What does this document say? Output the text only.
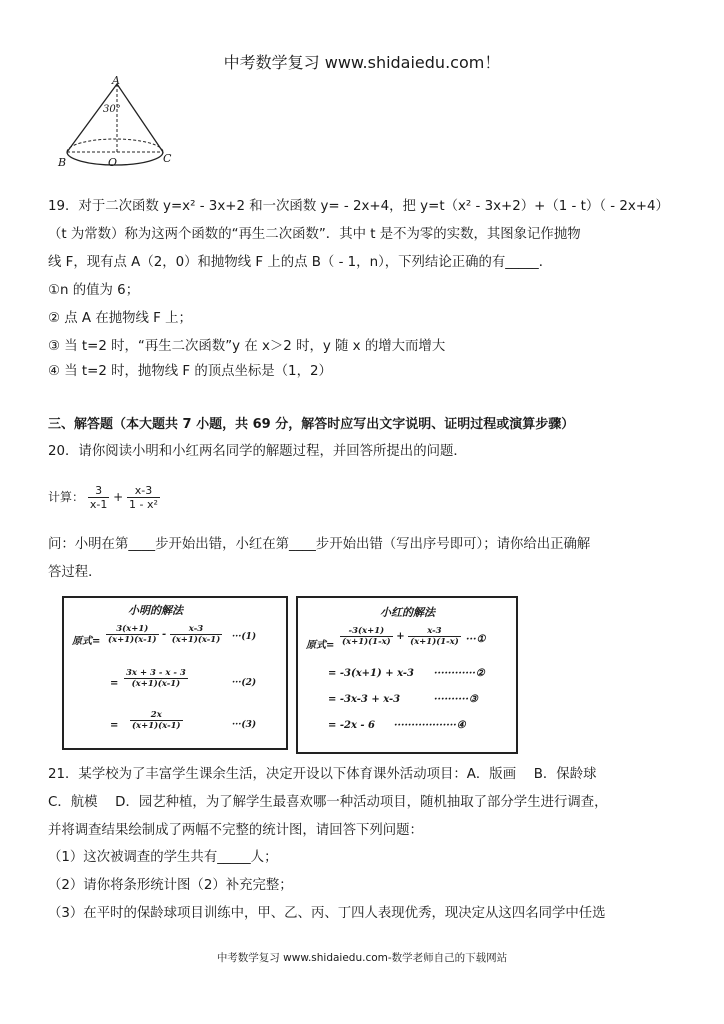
中考数学复习 www.shidaiedu.com！
A
30°
B	O	C
19．对于二次函数 y=x² ‑ 3x+2 和一次函数 y= ‑ 2x+4，把 y=t（x² ‑ 3x+2）+（1 ‑ t）（ ‑ 2x+4）
（t 为常数）称为这两个函数的“再生二次函数”．其中 t 是不为零的实数，其图象记作抛物
线 F，现有点 A（2，0）和抛物线 F 上的点 B（ ‑ 1，n），下列结论正确的有_____．
①n 的值为 6；
② 点 A 在抛物线 F 上；
③ 当 t=2 时，“再生二次函数”y 在 x＞2 时，y 随 x 的增大而增大
④ 当 t=2 时，抛物线 F 的顶点坐标是（1，2）
三、解答题（本大题共 7 小题，共 69 分，解答时应写出文字说明、证明过程或演算步骤）
20．请你阅读小明和小红两名同学的解题过程，并回答所提出的问题．
计算： $\frac{3}{x-1} + \frac{x-3}{\text{1 - x²}}$
问：小明在第____步开始出错，小红在第____步开始出错（写出序号即可）；请你给出正确解
答过程．
小明的解法
原式= $\frac{3(x+1)}{(x+1)(x-1)} - \frac{x-3}{(x+1)(x-1)} \cdot\cdot\cdot(1)$
= $\frac{3x + 3 - x - 3}{(x+1)(x-1)}$	···(2)
= $\frac{2x}{(x+1)(x-1)}$	···(3)
小红的解法
原式= $\frac{-3(x+1)}{(x+1)(1-x)} + \frac{x-3}{(x+1)(1-x)}$ ···①
= -3(x+1) + x-3 ············②
= -3x-3 + x-3	··········③
= -2x - 6 ··················④
21．某学校为了丰富学生课余生活，决定开设以下体育课外活动项目：A．版画　 B．保龄球
C．航模　 D．园艺种植，为了解学生最喜欢哪一种活动项目，随机抽取了部分学生进行调查，
并将调查结果绘制成了两幅不完整的统计图，请回答下列问题：
（1）这次被调查的学生共有_____人；
（2）请你将条形统计图（2）补充完整；
（3）在平时的保龄球项目训练中，甲、乙、丙、丁四人表现优秀，现决定从这四名同学中任选
中考数学复习 www.shidaiedu.com-数学老师自己的下载网站
